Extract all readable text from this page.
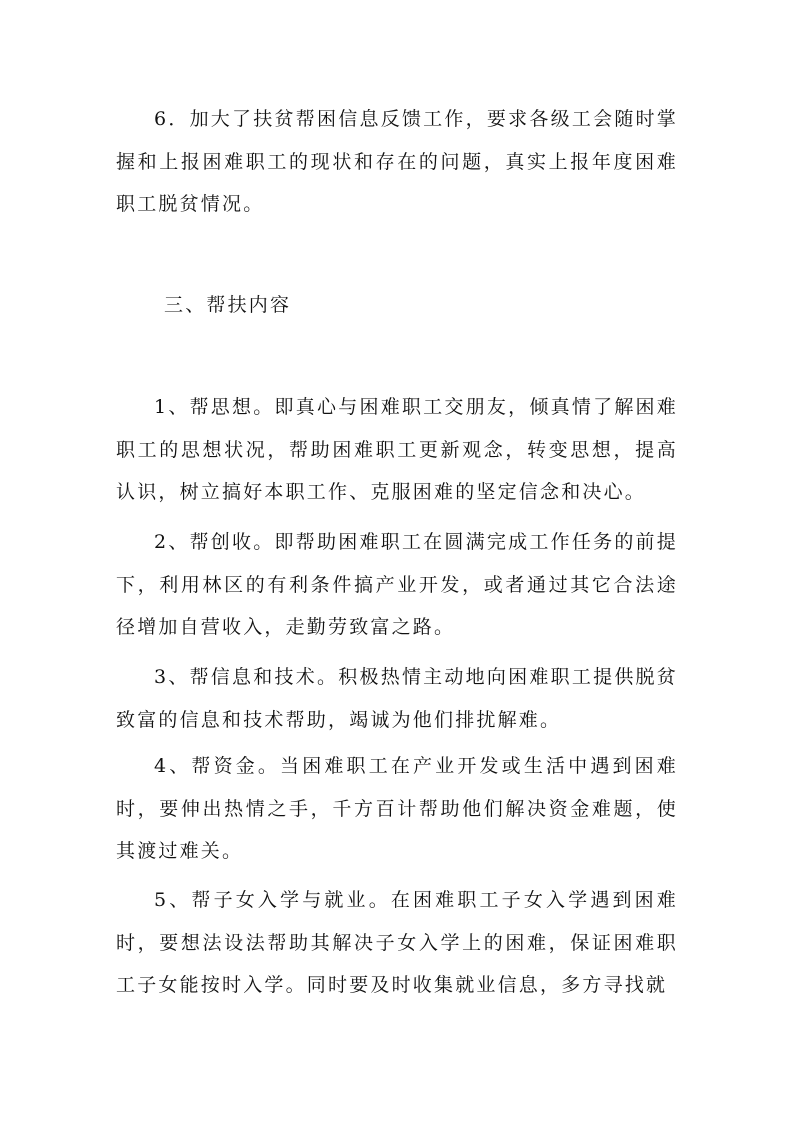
6．加大了扶贫帮困信息反馈工作，要求各级工会随时掌握和上报困难职工的现状和存在的问题，真实上报年度困难职工脱贫情况。

三、帮扶内容

1、帮思想。即真心与困难职工交朋友，倾真情了解困难职工的思想状况，帮助困难职工更新观念，转变思想，提高认识，树立搞好本职工作、克服困难的坚定信念和决心。

2、帮创收。即帮助困难职工在圆满完成工作任务的前提下，利用林区的有利条件搞产业开发，或者通过其它合法途径增加自营收入，走勤劳致富之路。

3、帮信息和技术。积极热情主动地向困难职工提供脱贫致富的信息和技术帮助，竭诚为他们排扰解难。

4、帮资金。当困难职工在产业开发或生活中遇到困难时，要伸出热情之手，千方百计帮助他们解决资金难题，使其渡过难关。

5、帮子女入学与就业。在困难职工子女入学遇到困难时，要想法设法帮助其解决子女入学上的困难，保证困难职工子女能按时入学。同时要及时收集就业信息，多方寻找就
